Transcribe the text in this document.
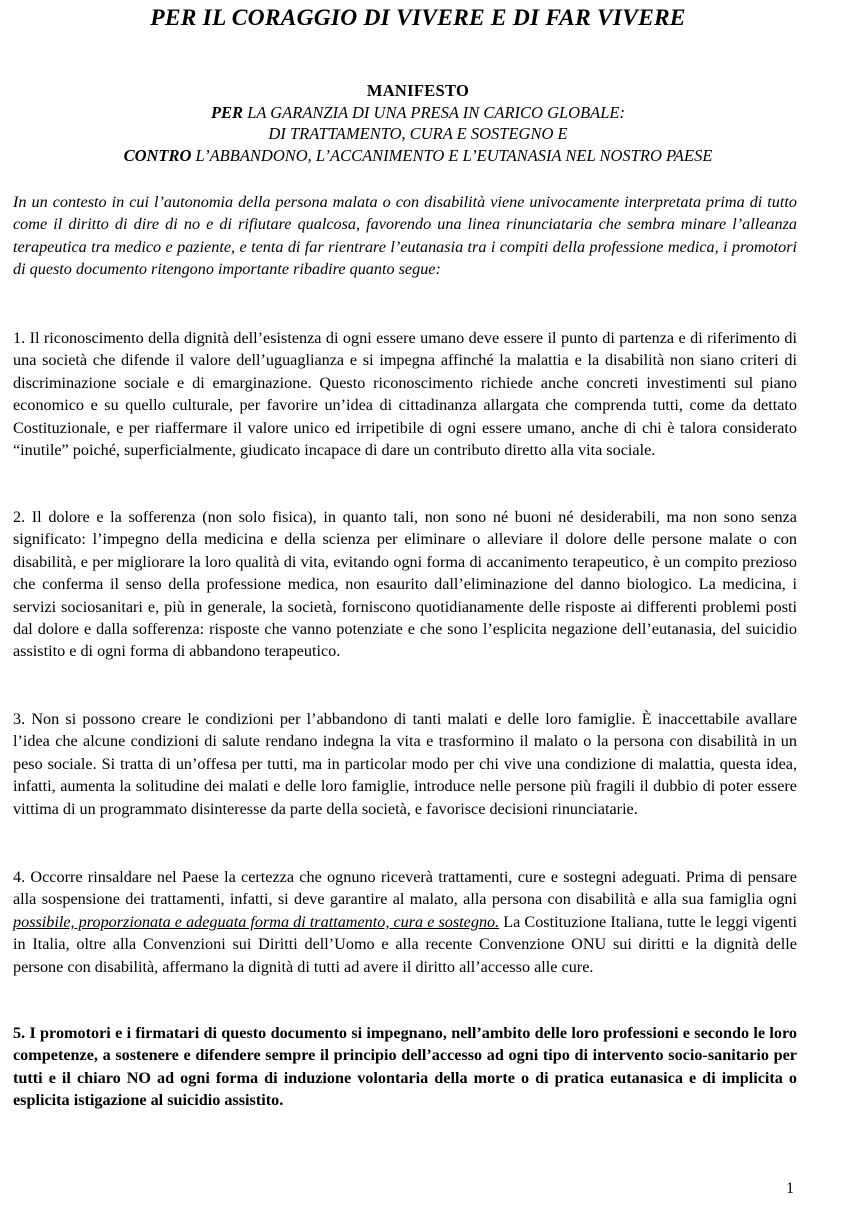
PER IL CORAGGIO DI VIVERE E DI FAR VIVERE
MANIFESTO
PER LA GARANZIA DI UNA PRESA IN CARICO GLOBALE:
DI TRATTAMENTO, CURA E SOSTEGNO E
CONTRO L’ABBANDONO, L’ACCANIMENTO E L’EUTANASIA NEL NOSTRO PAESE

In un contesto in cui l’autonomia della persona malata o con disabilità viene univocamente interpretata prima di tutto come il diritto di dire di no e di rifiutare qualcosa, favorendo una linea rinunciataria che sembra minare l’alleanza terapeutica tra medico e paziente, e tenta di far rientrare l’eutanasia tra i compiti della professione medica, i promotori di questo documento ritengono importante ribadire quanto segue:

1. Il riconoscimento della dignità dell’esistenza di ogni essere umano deve essere il punto di partenza e di riferimento di una società che difende il valore dell’uguaglianza e si impegna affinché la malattia e la disabilità non siano criteri di discriminazione sociale e di emarginazione. Questo riconoscimento richiede anche concreti investimenti sul piano economico e su quello culturale, per favorire un’idea di cittadinanza allargata che comprenda tutti, come da dettato Costituzionale, e per riaffermare il valore unico ed irripetibile di ogni essere umano, anche di chi è talora considerato “inutile” poiché, superficialmente, giudicato incapace di dare un contributo diretto alla vita sociale.

2. Il dolore e la sofferenza (non solo fisica), in quanto tali, non sono né buoni né desiderabili, ma non sono senza significato: l’impegno della medicina e della scienza per eliminare o alleviare il dolore delle persone malate o con disabilità, e per migliorare la loro qualità di vita, evitando ogni forma di accanimento terapeutico, è un compito prezioso che conferma il senso della professione medica, non esaurito dall’eliminazione del danno biologico. La medicina, i servizi sociosanitari e, più in generale, la società, forniscono quotidianamente delle risposte ai differenti problemi posti dal dolore e dalla sofferenza: risposte che vanno potenziate e che sono l’esplicita negazione dell’eutanasia, del suicidio assistito e di ogni forma di abbandono terapeutico.

3. Non si possono creare le condizioni per l’abbandono di tanti malati e delle loro famiglie. È inaccettabile avallare l’idea che alcune condizioni di salute rendano indegna la vita e trasformino il malato o la persona con disabilità in un peso sociale. Si tratta di un’offesa per tutti, ma in particolar modo per chi vive una condizione di malattia, questa idea, infatti, aumenta la solitudine dei malati e delle loro famiglie, introduce nelle persone più fragili il dubbio di poter essere vittima di un programmato disinteresse da parte della società, e favorisce decisioni rinunciatarie.

4. Occorre rinsaldare nel Paese la certezza che ognuno riceverà trattamenti, cure e sostegni adeguati. Prima di pensare alla sospensione dei trattamenti, infatti, si deve garantire al malato, alla persona con disabilità e alla sua famiglia ogni possibile, proporzionata e adeguata forma di trattamento, cura e sostegno. La Costituzione Italiana, tutte le leggi vigenti in Italia, oltre alla Convenzioni sui Diritti dell’Uomo e alla recente Convenzione ONU sui diritti e la dignità delle persone con disabilità, affermano la dignità di tutti ad avere il diritto all’accesso alle cure.

5. I promotori e i firmatari di questo documento si impegnano, nell’ambito delle loro professioni e secondo le loro competenze, a sostenere e difendere sempre il principio dell’accesso ad ogni tipo di intervento socio-sanitario per tutti e il chiaro NO ad ogni forma di induzione volontaria della morte o di pratica eutanasica e di implicita o esplicita istigazione al suicidio assistito.

1
